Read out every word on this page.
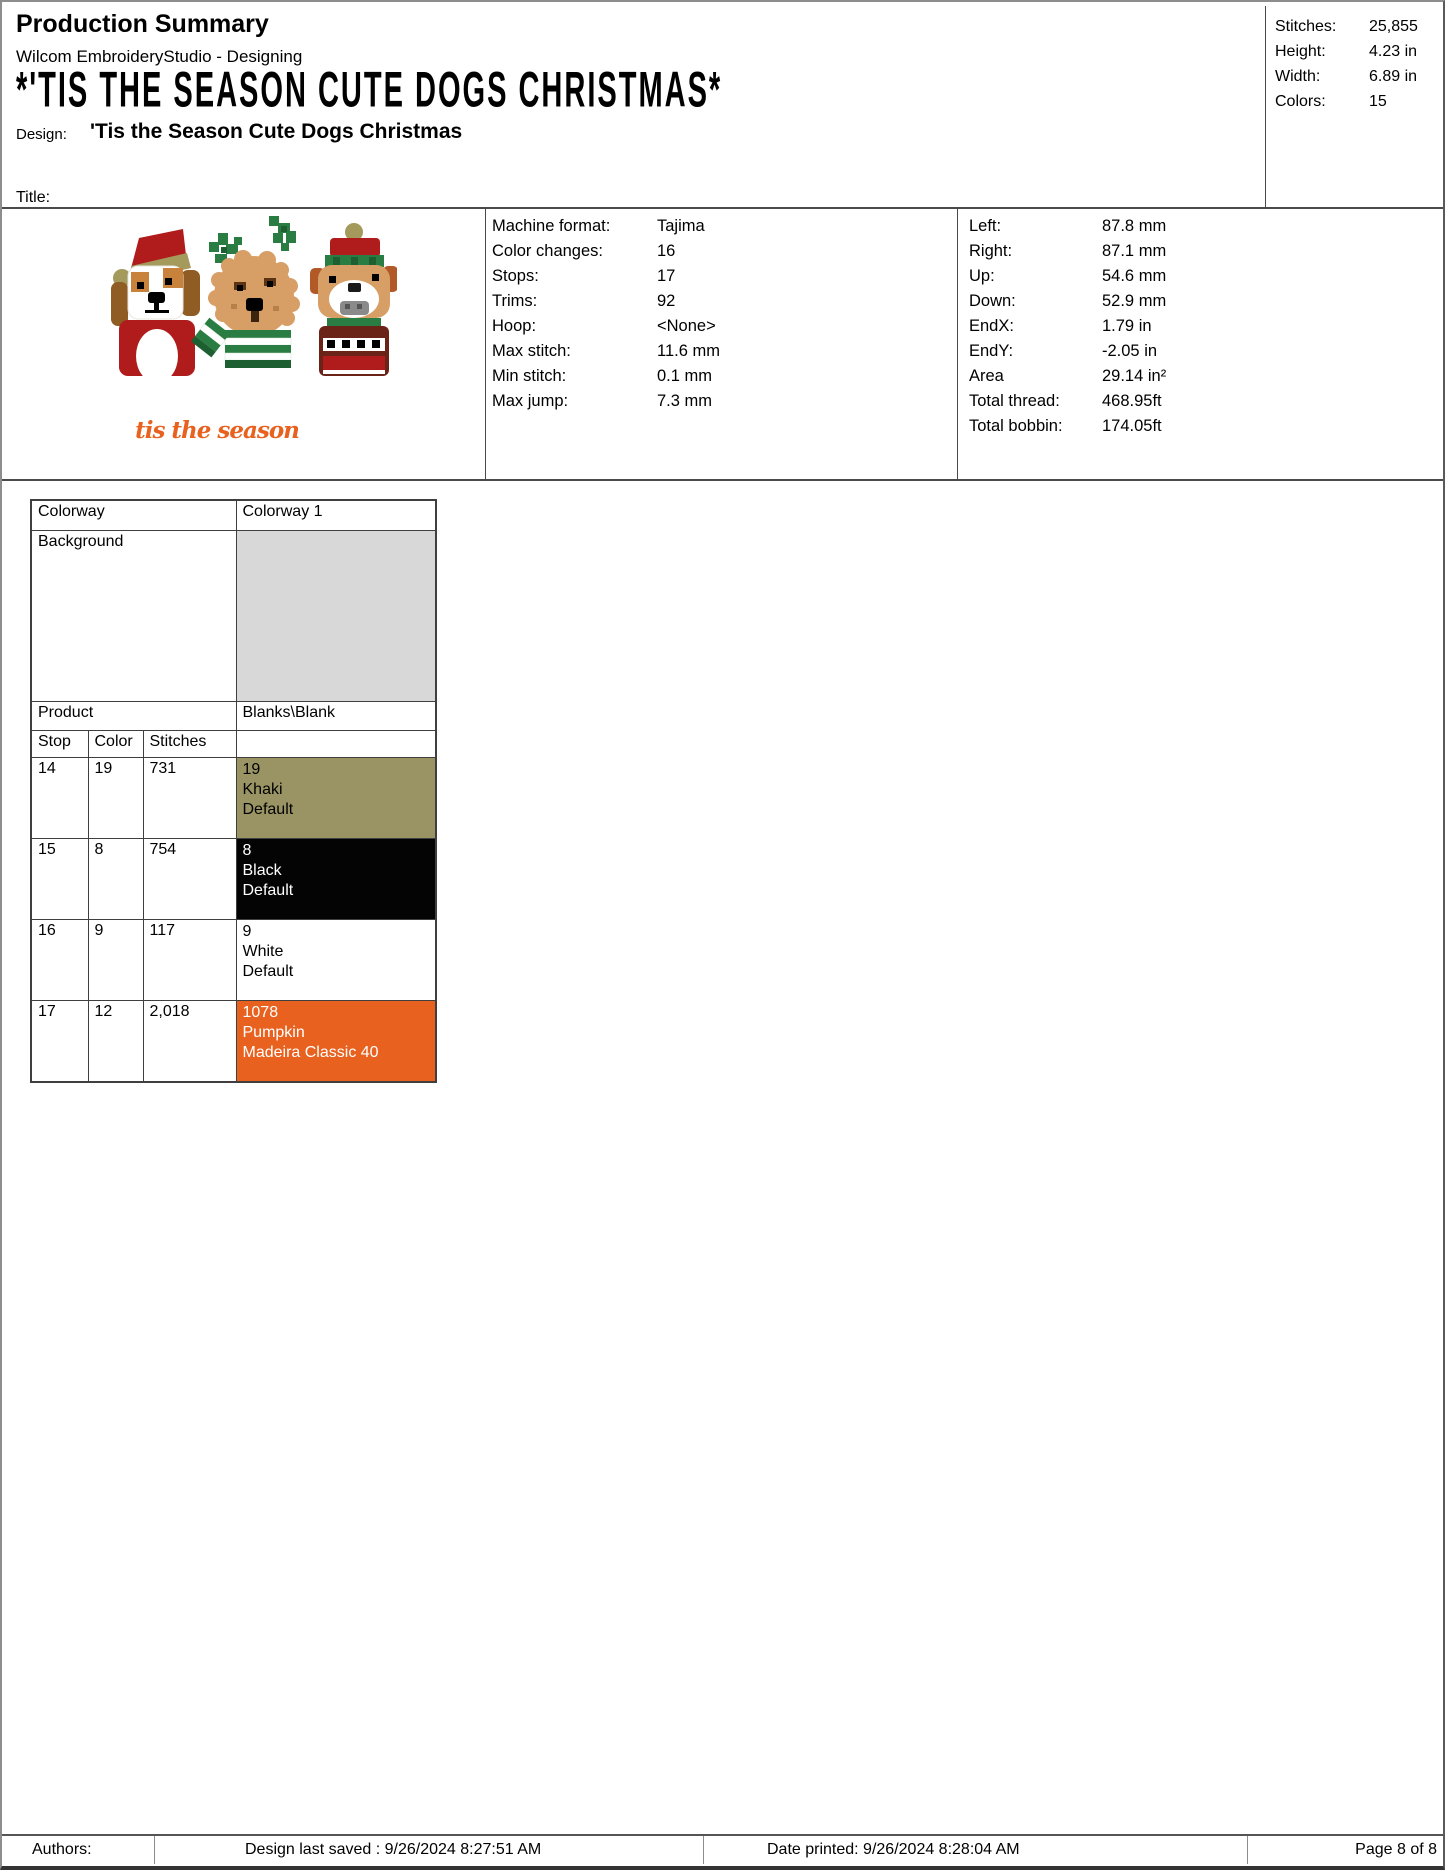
Production Summary
Wilcom EmbroideryStudio - Designing
*'TIS THE SEASON CUTE DOGS CHRISTMAS*
Design: 'Tis the Season Cute Dogs Christmas
Title:
Stitches:	25,855
Height:	4.23 in
Width:	6.89 in
Colors:	15
tis the season
Machine format:	Tajima
Color changes:	16
Stops:	17
Trims:	92
Hoop:	<None>
Max stitch:	11.6 mm
Min stitch:	0.1 mm
Max jump:	7.3 mm
Left:	87.8 mm
Right:	87.1 mm
Up:	54.6 mm
Down:	52.9 mm
EndX:	1.79 in
EndY:	-2.05 in
Area	29.14 in²
Total thread:	468.95ft
Total bobbin:	174.05ft
Colorway			Colorway 1
Background			
Product			Blanks\Blank
Stop	Color	Stitches	
14	19	731	19
Khaki
Default

15	8	754	8
Black
Default

16	9	117	9
White
Default

17	12	2,018	1078
Pumpkin
Madeira Classic 40
Authors:	Design last saved : 9/26/2024 8:27:51 AM	Date printed: 9/26/2024 8:28:04 AM	Page 8 of 8
